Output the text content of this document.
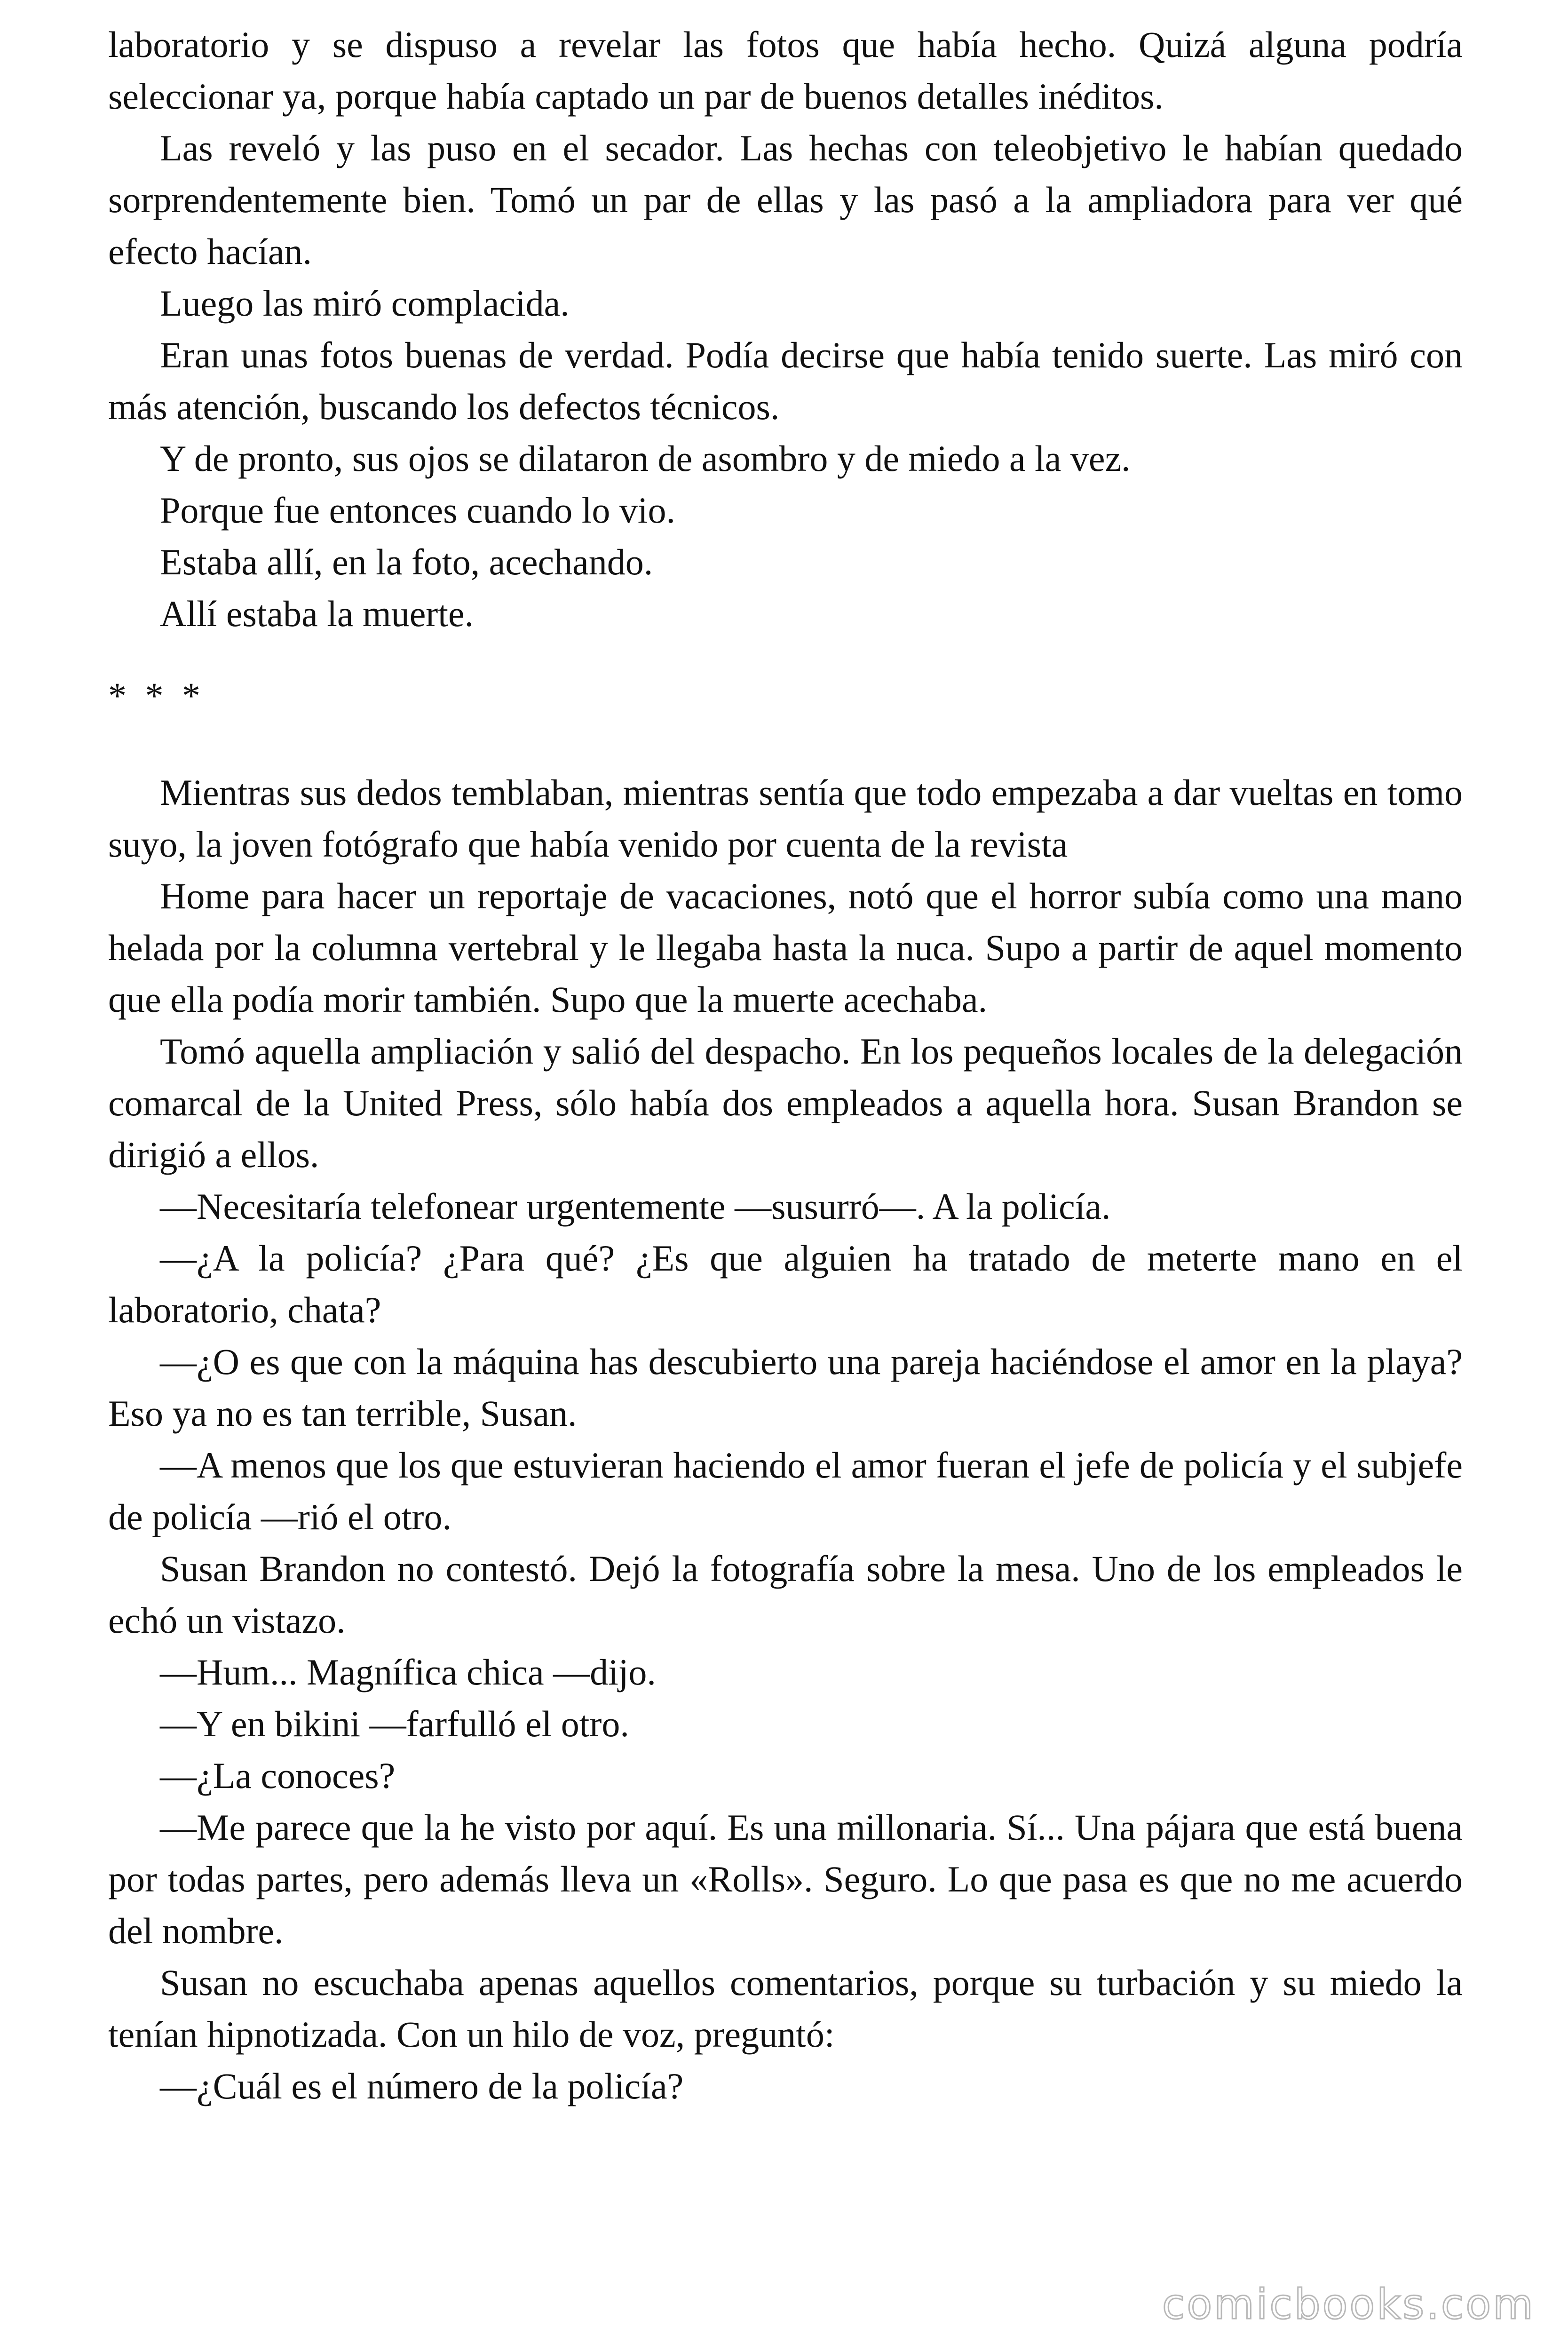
laboratorio y se dispuso a revelar las fotos que había hecho. Quizá alguna podría seleccionar ya, porque había captado un par de buenos detalles inéditos.

Las reveló y las puso en el secador. Las hechas con teleobjetivo le habían quedado sorprendentemente bien. Tomó un par de ellas y las pasó a la ampliadora para ver qué efecto hacían.

Luego las miró complacida.

Eran unas fotos buenas de verdad. Podía decirse que había tenido suerte. Las miró con más atención, buscando los defectos técnicos.

Y de pronto, sus ojos se dilataron de asombro y de miedo a la vez.

Porque fue entonces cuando lo vio.

Estaba allí, en la foto, acechando.

Allí estaba la muerte.

* * *

Mientras sus dedos temblaban, mientras sentía que todo empezaba a dar vueltas en tomo suyo, la joven fotógrafo que había venido por cuenta de la revista

Home para hacer un reportaje de vacaciones, notó que el horror subía como una mano helada por la columna vertebral y le llegaba hasta la nuca. Supo a partir de aquel momento que ella podía morir también. Supo que la muerte acechaba.

Tomó aquella ampliación y salió del despacho. En los pequeños locales de la delegación comarcal de la United Press, sólo había dos empleados a aquella hora. Susan Brandon se dirigió a ellos.

—Necesitaría telefonear urgentemente —susurró—. A la policía.

—¿A la policía? ¿Para qué? ¿Es que alguien ha tratado de meterte mano en el laboratorio, chata?

—¿O es que con la máquina has descubierto una pareja haciéndose el amor en la playa? Eso ya no es tan terrible, Susan.

—A menos que los que estuvieran haciendo el amor fueran el jefe de policía y el subjefe de policía —rió el otro.

Susan Brandon no contestó. Dejó la fotografía sobre la mesa. Uno de los empleados le echó un vistazo.

—Hum... Magnífica chica —dijo.

—Y en bikini —farfulló el otro.

—¿La conoces?

—Me parece que la he visto por aquí. Es una millonaria. Sí... Una pájara que está buena por todas partes, pero además lleva un «Rolls». Seguro. Lo que pasa es que no me acuerdo del nombre.

Susan no escuchaba apenas aquellos comentarios, porque su turbación y su miedo la tenían hipnotizada. Con un hilo de voz, preguntó:

—¿Cuál es el número de la policía?

comicbooks.com
